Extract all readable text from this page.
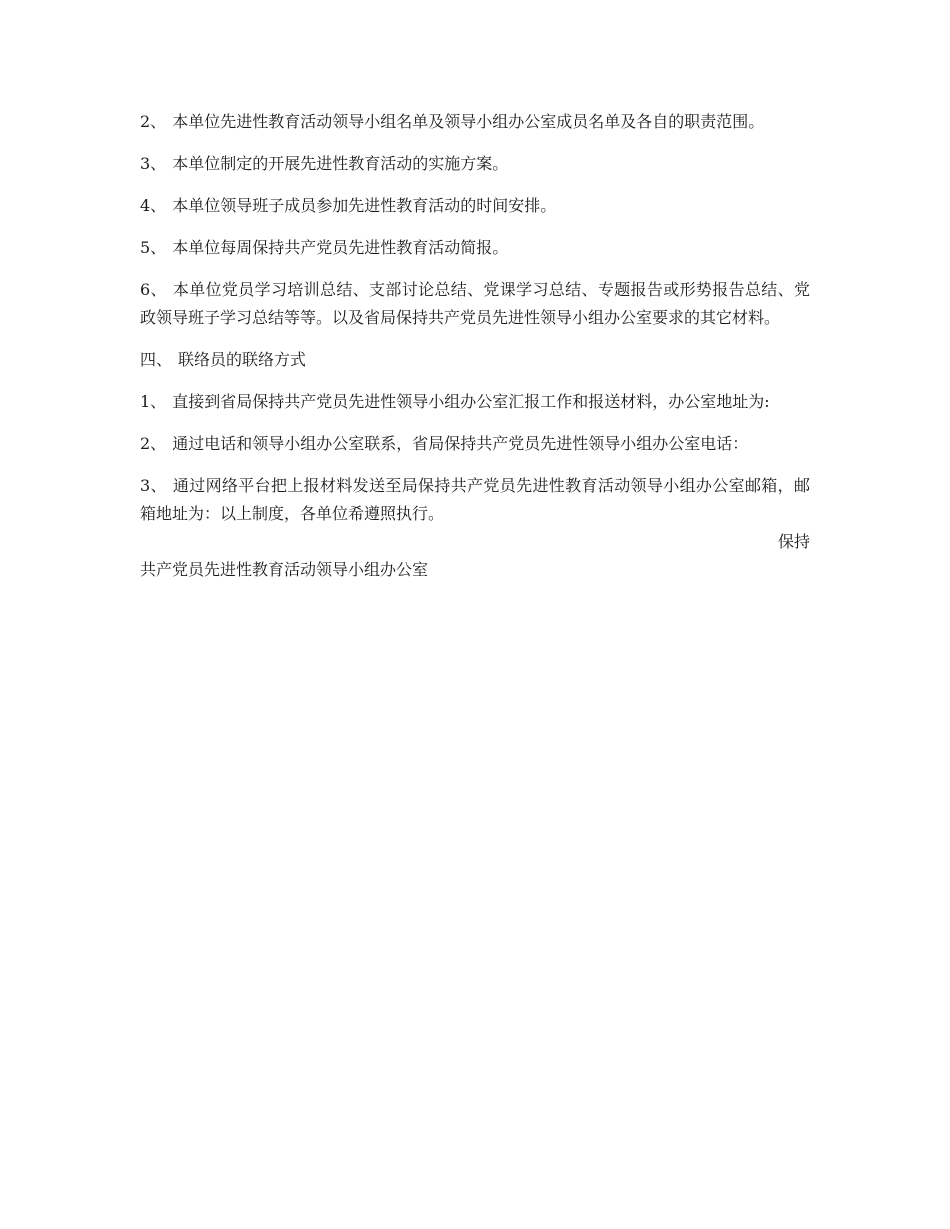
2、 本单位先进性教育活动领导小组名单及领导小组办公室成员名单及各自的职责范围。

3、 本单位制定的开展先进性教育活动的实施方案。

4、 本单位领导班子成员参加先进性教育活动的时间安排。

5、 本单位每周保持共产党员先进性教育活动简报。

6、 本单位党员学习培训总结、支部讨论总结、党课学习总结、专题报告或形势报告总结、党政领导班子学习总结等等。以及省局保持共产党员先进性领导小组办公室要求的其它材料。

四、 联络员的联络方式

1、 直接到省局保持共产党员先进性领导小组办公室汇报工作和报送材料，办公室地址为:

2、 通过电话和领导小组办公室联系，省局保持共产党员先进性领导小组办公室电话：

3、 通过网络平台把上报材料发送至局保持共产党员先进性教育活动领导小组办公室邮箱，邮箱地址为：以上制度，各单位希遵照执行。
保持
共产党员先进性教育活动领导小组办公室
